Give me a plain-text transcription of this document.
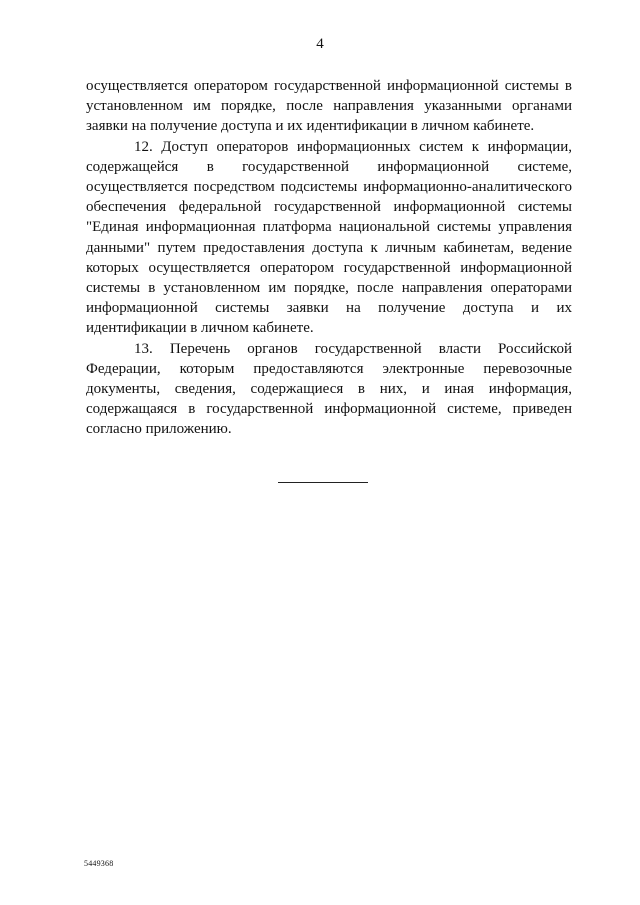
4

осуществляется оператором государственной информационной системы в установленном им порядке, после направления указанными органами заявки на получение доступа и их идентификации в личном кабинете.

12. Доступ операторов информационных систем к информации, содержащейся в государственной информационной системе, осуществляется посредством подсистемы информационно-аналитического обеспечения федеральной государственной информационной системы "Единая информационная платформа национальной системы управления данными" путем предоставления доступа к личным кабинетам, ведение которых осуществляется оператором государственной информационной системы в установленном им порядке, после направления операторами информационной системы заявки на получение доступа и их идентификации в личном кабинете.

13. Перечень органов государственной власти Российской Федерации, которым предоставляются электронные перевозочные документы, сведения, содержащиеся в них, и иная информация, содержащаяся в государственной информационной системе, приведен согласно приложению.

5449368
